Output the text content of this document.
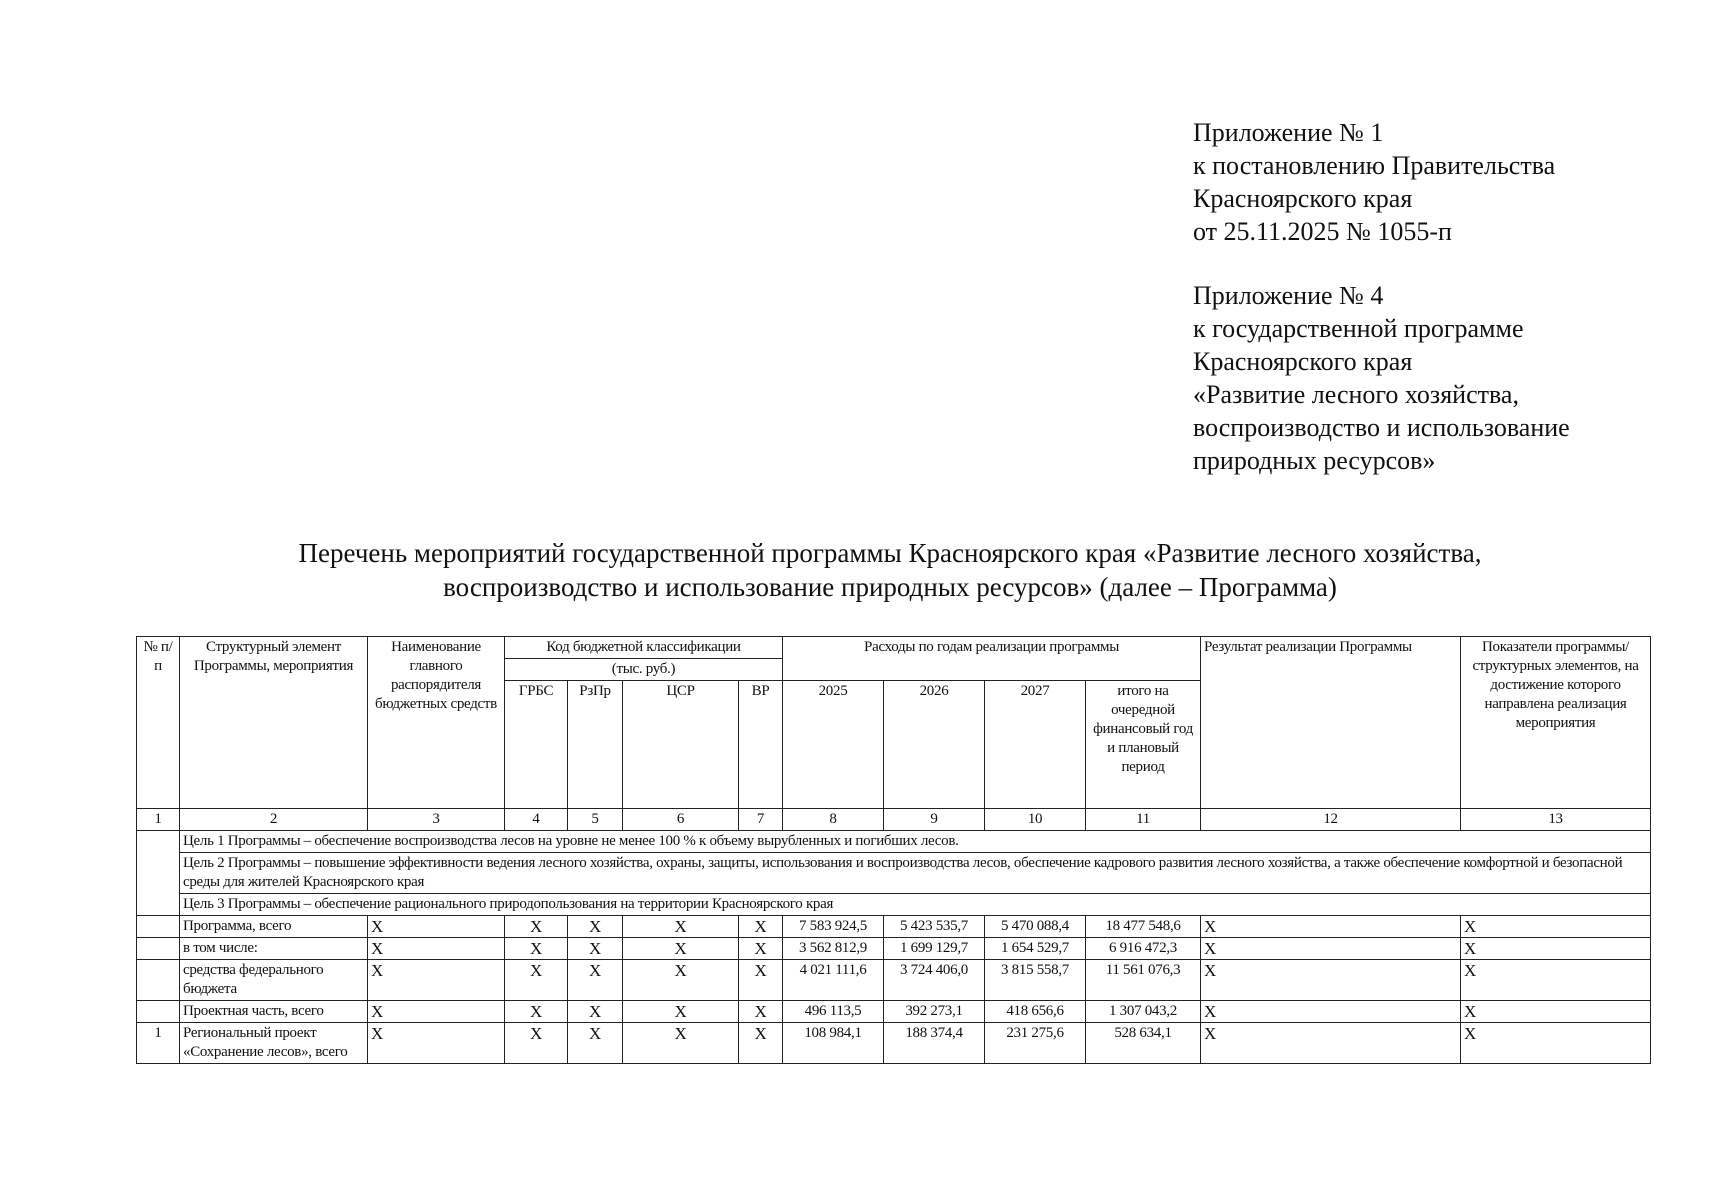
Приложение № 1
к постановлению Правительства
Красноярского края
от 25.11.2025 № 1055-п
Приложение № 4
к государственной программе
Красноярского края
«Развитие лесного хозяйства,
воспроизводство и использование
природных ресурсов»
Перечень мероприятий государственной программы Красноярского края «Развитие лесного хозяйства,
воспроизводство и использование природных ресурсов» (далее – Программа)
№ п/п	Структурный элемент Программы, мероприятия	Наименование главного распорядителя бюджетных средств	Код бюджетной классификации				Расходы по годам реализации программы				Результат реализации Программы	Показатели программы/ структурных элементов, на достижение которого направлена реализация мероприятия
			(тыс. руб.)									
			ГРБС	РзПр	ЦСР	ВР	2025	2026	2027	итого на очередной финансовый год и плановый период		
1	2	3	4	5	6	7	8	9	10	11	12	13
	Цель 1 Программы – обеспечение воспроизводства лесов на уровне не менее 100 % к объему вырубленных и погибших лесов.											
	Цель 2 Программы – повышение эффективности ведения лесного хозяйства, охраны, защиты, использования и воспроизводства лесов, обеспечение кадрового развития лесного хозяйства, а также обеспечение комфортной и безопасной среды для жителей Красноярского края											
	Цель 3 Программы – обеспечение рационального природопользования на территории Красноярского края											
	Программа, всего	X	X	X	X	X	7 583 924,5	5 423 535,7	5 470 088,4	18 477 548,6	X	X
	в том числе:	X	X	X	X	X	3 562 812,9	1 699 129,7	1 654 529,7	6 916 472,3	X	X
	средства федерального бюджета	X	X	X	X	X	4 021 111,6	3 724 406,0	3 815 558,7	11 561 076,3	X	X
	Проектная часть, всего	X	X	X	X	X	496 113,5	392 273,1	418 656,6	1 307 043,2	X	X
1	Региональный проект «Сохранение лесов», всего	X	X	X	X	X	108 984,1	188 374,4	231 275,6	528 634,1	X	X
